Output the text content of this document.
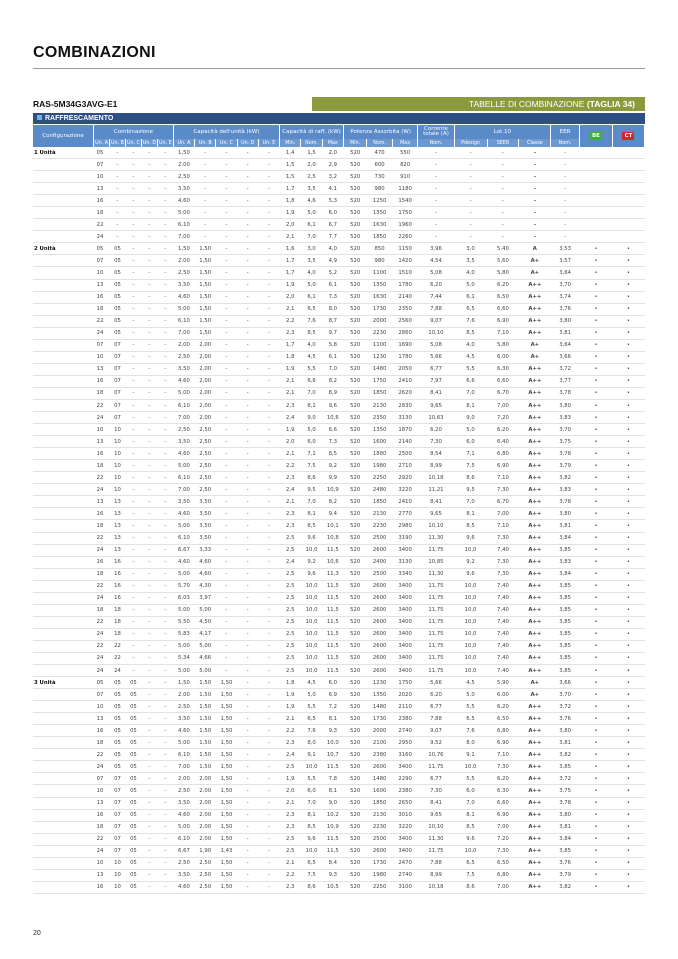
COMBINAZIONI
RAS-5M34G3AVG-E1	TABELLE DI COMBINAZIONE (TAGLIA 34)
RAFFRESCAMENTO
Configurazione	Combinazione					Capacità dell'unità (kW)					Capacità di raff. (kW)			Potenza Assorbita (W)			Corrente totale (A)	Lot.10			EER	BE	CT
	Un. A	Un. B	Un. C	Un. D	Un. E	Un. A	Un. B	Un. C	Un. D	Un. E	Min.	Nom.	Max	Min.	Nom.	Max	Nom.	Pdesign	SEER	Classe	Nom.		
1 Unità	05	-	-	-	-	1,50	-	-	-	-	1,4	1,5	2,0	520	470	550	-	-	-	-	-		
	07	-	-	-	-	2,00	-	-	-	-	1,5	2,0	2,9	520	600	820	-	-	-	-	-		
	10	-	-	-	-	2,50	-	-	-	-	1,5	2,5	3,2	520	730	910	-	-	-	-	-		
	13	-	-	-	-	3,50	-	-	-	-	1,7	3,5	4,1	520	980	1180	-	-	-	-	-		
	16	-	-	-	-	4,60	-	-	-	-	1,8	4,6	5,3	520	1250	1540	-	-	-	-	-		
	18	-	-	-	-	5,00	-	-	-	-	1,9	5,0	6,0	520	1350	1750	-	-	-	-	-		
	22	-	-	-	-	6,10	-	-	-	-	2,0	6,1	6,7	520	1630	1960	-	-	-	-	-		
	24	-	-	-	-	7,00	-	-	-	-	2,1	7,0	7,7	520	1850	2260	-	-	-	-	-		
2 Unità	05	05	-	-	-	1,50	1,50	-	-	-	1,6	3,0	4,0	520	850	1150	3,96	3,0	5,40	A	3,53	•	•
	07	05	-	-	-	2,00	1,50	-	-	-	1,7	3,5	4,9	520	980	1420	4,54	3,5	5,60	A+	3,57	•	•
	10	05	-	-	-	2,50	1,50	-	-	-	1,7	4,0	5,2	520	1100	1510	5,08	4,0	5,80	A+	3,64	•	•
	13	05	-	-	-	3,50	1,50	-	-	-	1,9	5,0	6,1	520	1350	1780	6,20	5,0	6,20	A++	3,70	•	•
	16	05	-	-	-	4,60	1,50	-	-	-	2,0	6,1	7,3	520	1630	2140	7,44	6,1	6,50	A++	3,74	•	•
	18	05	-	-	-	5,00	1,50	-	-	-	2,1	6,5	8,0	520	1730	2350	7,88	6,5	6,60	A++	3,76	•	•
	22	05	-	-	-	6,10	1,50	-	-	-	2,2	7,6	8,7	520	2000	2560	9,07	7,6	6,90	A++	3,80	•	•
	24	05	-	-	-	7,00	1,50	-	-	-	2,3	8,5	9,7	520	2230	2860	10,10	8,5	7,10	A++	3,81	•	•
	07	07	-	-	-	2,00	2,00	-	-	-	1,7	4,0	5,8	520	1100	1690	5,08	4,0	5,80	A+	3,64	•	•
	10	07	-	-	-	2,50	2,00	-	-	-	1,8	4,5	6,1	520	1230	1780	5,66	4,5	6,00	A+	3,66	•	•
	13	07	-	-	-	3,50	2,00	-	-	-	1,9	5,5	7,0	520	1480	2050	6,77	5,5	6,30	A++	3,72	•	•
	16	07	-	-	-	4,60	2,00	-	-	-	2,1	6,6	8,2	520	1750	2410	7,97	6,6	6,60	A++	3,77	•	•
	18	07	-	-	-	5,00	2,00	-	-	-	2,1	7,0	8,9	520	1850	2620	8,41	7,0	6,70	A++	3,78	•	•
	22	07	-	-	-	6,10	2,00	-	-	-	2,3	8,1	9,6	520	2130	2830	9,65	8,1	7,00	A++	3,80	•	•
	24	07	-	-	-	7,00	2,00	-	-	-	2,4	9,0	10,6	520	2350	3130	10,63	9,0	7,20	A++	3,83	•	•
	10	10	-	-	-	2,50	2,50	-	-	-	1,9	5,0	6,6	520	1350	1870	6,20	5,0	6,20	A++	3,70	•	•
	13	10	-	-	-	3,50	2,50	-	-	-	2,0	6,0	7,3	520	1600	2140	7,30	6,0	6,40	A++	3,75	•	•
	16	10	-	-	-	4,60	2,50	-	-	-	2,1	7,1	8,5	520	1880	2500	8,54	7,1	6,80	A++	3,78	•	•
	18	10	-	-	-	5,00	2,50	-	-	-	2,2	7,5	9,2	520	1980	2710	8,99	7,5	6,90	A++	3,79	•	•
	22	10	-	-	-	6,10	2,50	-	-	-	2,3	8,6	9,9	520	2250	2920	10,18	8,6	7,10	A++	3,82	•	•
	24	10	-	-	-	7,00	2,50	-	-	-	2,4	9,5	10,9	520	2480	3220	11,21	9,5	7,30	A++	3,83	•	•
	13	13	-	-	-	3,50	3,50	-	-	-	2,1	7,0	8,2	520	1850	2410	8,41	7,0	6,70	A++	3,78	•	•
	16	13	-	-	-	4,60	3,50	-	-	-	2,3	8,1	9,4	520	2130	2770	9,65	8,1	7,00	A++	3,80	•	•
	18	13	-	-	-	5,00	3,50	-	-	-	2,3	8,5	10,1	520	2230	2980	10,10	8,5	7,10	A++	3,81	•	•
	22	13	-	-	-	6,10	3,50	-	-	-	2,5	9,6	10,8	520	2500	3190	11,30	9,6	7,30	A++	3,84	•	•
	24	13	-	-	-	6,67	3,33	-	-	-	2,5	10,0	11,5	520	2600	3400	11,75	10,0	7,40	A++	3,85	•	•
	16	16	-	-	-	4,60	4,60	-	-	-	2,4	9,2	10,6	520	2400	3130	10,85	9,2	7,30	A++	3,83	•	•
	18	16	-	-	-	5,00	4,60	-	-	-	2,5	9,6	11,3	520	2500	3340	11,30	9,6	7,30	A++	3,84	•	•
	22	16	-	-	-	5,70	4,30	-	-	-	2,5	10,0	11,5	520	2600	3400	11,75	10,0	7,40	A++	3,85	•	•
	24	16	-	-	-	6,03	3,97	-	-	-	2,5	10,0	11,5	520	2600	3400	11,75	10,0	7,40	A++	3,85	•	•
	18	18	-	-	-	5,00	5,00	-	-	-	2,5	10,0	11,5	520	2600	3400	11,75	10,0	7,40	A++	3,85	•	•
	22	18	-	-	-	5,50	4,50	-	-	-	2,5	10,0	11,5	520	2600	3400	11,75	10,0	7,40	A++	3,85	•	•
	24	18	-	-	-	5,83	4,17	-	-	-	2,5	10,0	11,5	520	2600	3400	11,75	10,0	7,40	A++	3,85	•	•
	22	22	-	-	-	5,00	5,00	-	-	-	2,5	10,0	11,5	520	2600	3400	11,75	10,0	7,40	A++	3,85	•	•
	24	22	-	-	-	5,34	4,66	-	-	-	2,5	10,0	11,5	520	2600	3400	11,75	10,0	7,40	A++	3,85	•	•
	24	24	-	-	-	5,00	5,00	-	-	-	2,5	10,0	11,5	520	2600	3400	11,75	10,0	7,40	A++	3,85	•	•
3 Unità	05	05	05	-	-	1,50	1,50	1,50	-	-	1,8	4,5	6,0	520	1230	1750	5,66	4,5	5,90	A+	3,66	•	•
	07	05	05	-	-	2,00	1,50	1,50	-	-	1,9	5,0	6,9	520	1350	2020	6,20	5,0	6,00	A+	3,70	•	•
	10	05	05	-	-	2,50	1,50	1,50	-	-	1,9	5,5	7,2	520	1480	2110	6,77	5,5	6,20	A++	3,72	•	•
	13	05	05	-	-	3,50	1,50	1,50	-	-	2,1	6,5	8,1	520	1730	2380	7,88	6,5	6,50	A++	3,76	•	•
	16	05	05	-	-	4,60	1,50	1,50	-	-	2,2	7,6	9,3	520	2000	2740	9,07	7,6	6,80	A++	3,80	•	•
	18	05	05	-	-	5,00	1,50	1,50	-	-	2,3	8,0	10,0	520	2100	2950	9,52	8,0	6,90	A++	3,81	•	•
	22	05	05	-	-	6,10	1,50	1,50	-	-	2,4	9,1	10,7	520	2380	3160	10,76	9,1	7,10	A++	3,82	•	•
	24	05	05	-	-	7,00	1,50	1,50	-	-	2,5	10,0	11,5	520	2600	3400	11,75	10,0	7,30	A++	3,85	•	•
	07	07	05	-	-	2,00	2,00	1,50	-	-	1,9	5,5	7,8	520	1480	2290	6,77	5,5	6,20	A++	3,72	•	•
	10	07	05	-	-	2,50	2,00	1,50	-	-	2,0	6,0	8,1	520	1600	2380	7,30	6,0	6,30	A++	3,75	•	•
	13	07	05	-	-	3,50	2,00	1,50	-	-	2,1	7,0	9,0	520	1850	2650	8,41	7,0	6,60	A++	3,78	•	•
	16	07	05	-	-	4,60	2,00	1,50	-	-	2,3	8,1	10,2	520	2130	3010	9,65	8,1	6,90	A++	3,80	•	•
	18	07	05	-	-	5,00	2,00	1,50	-	-	2,3	8,5	10,9	520	2230	3220	10,10	8,5	7,00	A++	3,81	•	•
	22	07	05	-	-	6,10	2,00	1,50	-	-	2,5	9,6	11,5	520	2500	3400	11,30	9,6	7,20	A++	3,84	•	•
	24	07	05	-	-	6,67	1,90	1,43	-	-	2,5	10,0	11,5	520	2600	3400	11,75	10,0	7,30	A++	3,85	•	•
	10	10	05	-	-	2,50	2,50	1,50	-	-	2,1	6,5	8,4	520	1730	2470	7,88	6,5	6,50	A++	3,76	•	•
	13	10	05	-	-	3,50	2,50	1,50	-	-	2,2	7,5	9,3	520	1980	2740	8,99	7,5	6,80	A++	3,79	•	•
	16	10	05	-	-	4,60	2,50	1,50	-	-	2,3	8,6	10,5	520	2250	3100	10,18	8,6	7,00	A++	3,82	•	•
20
